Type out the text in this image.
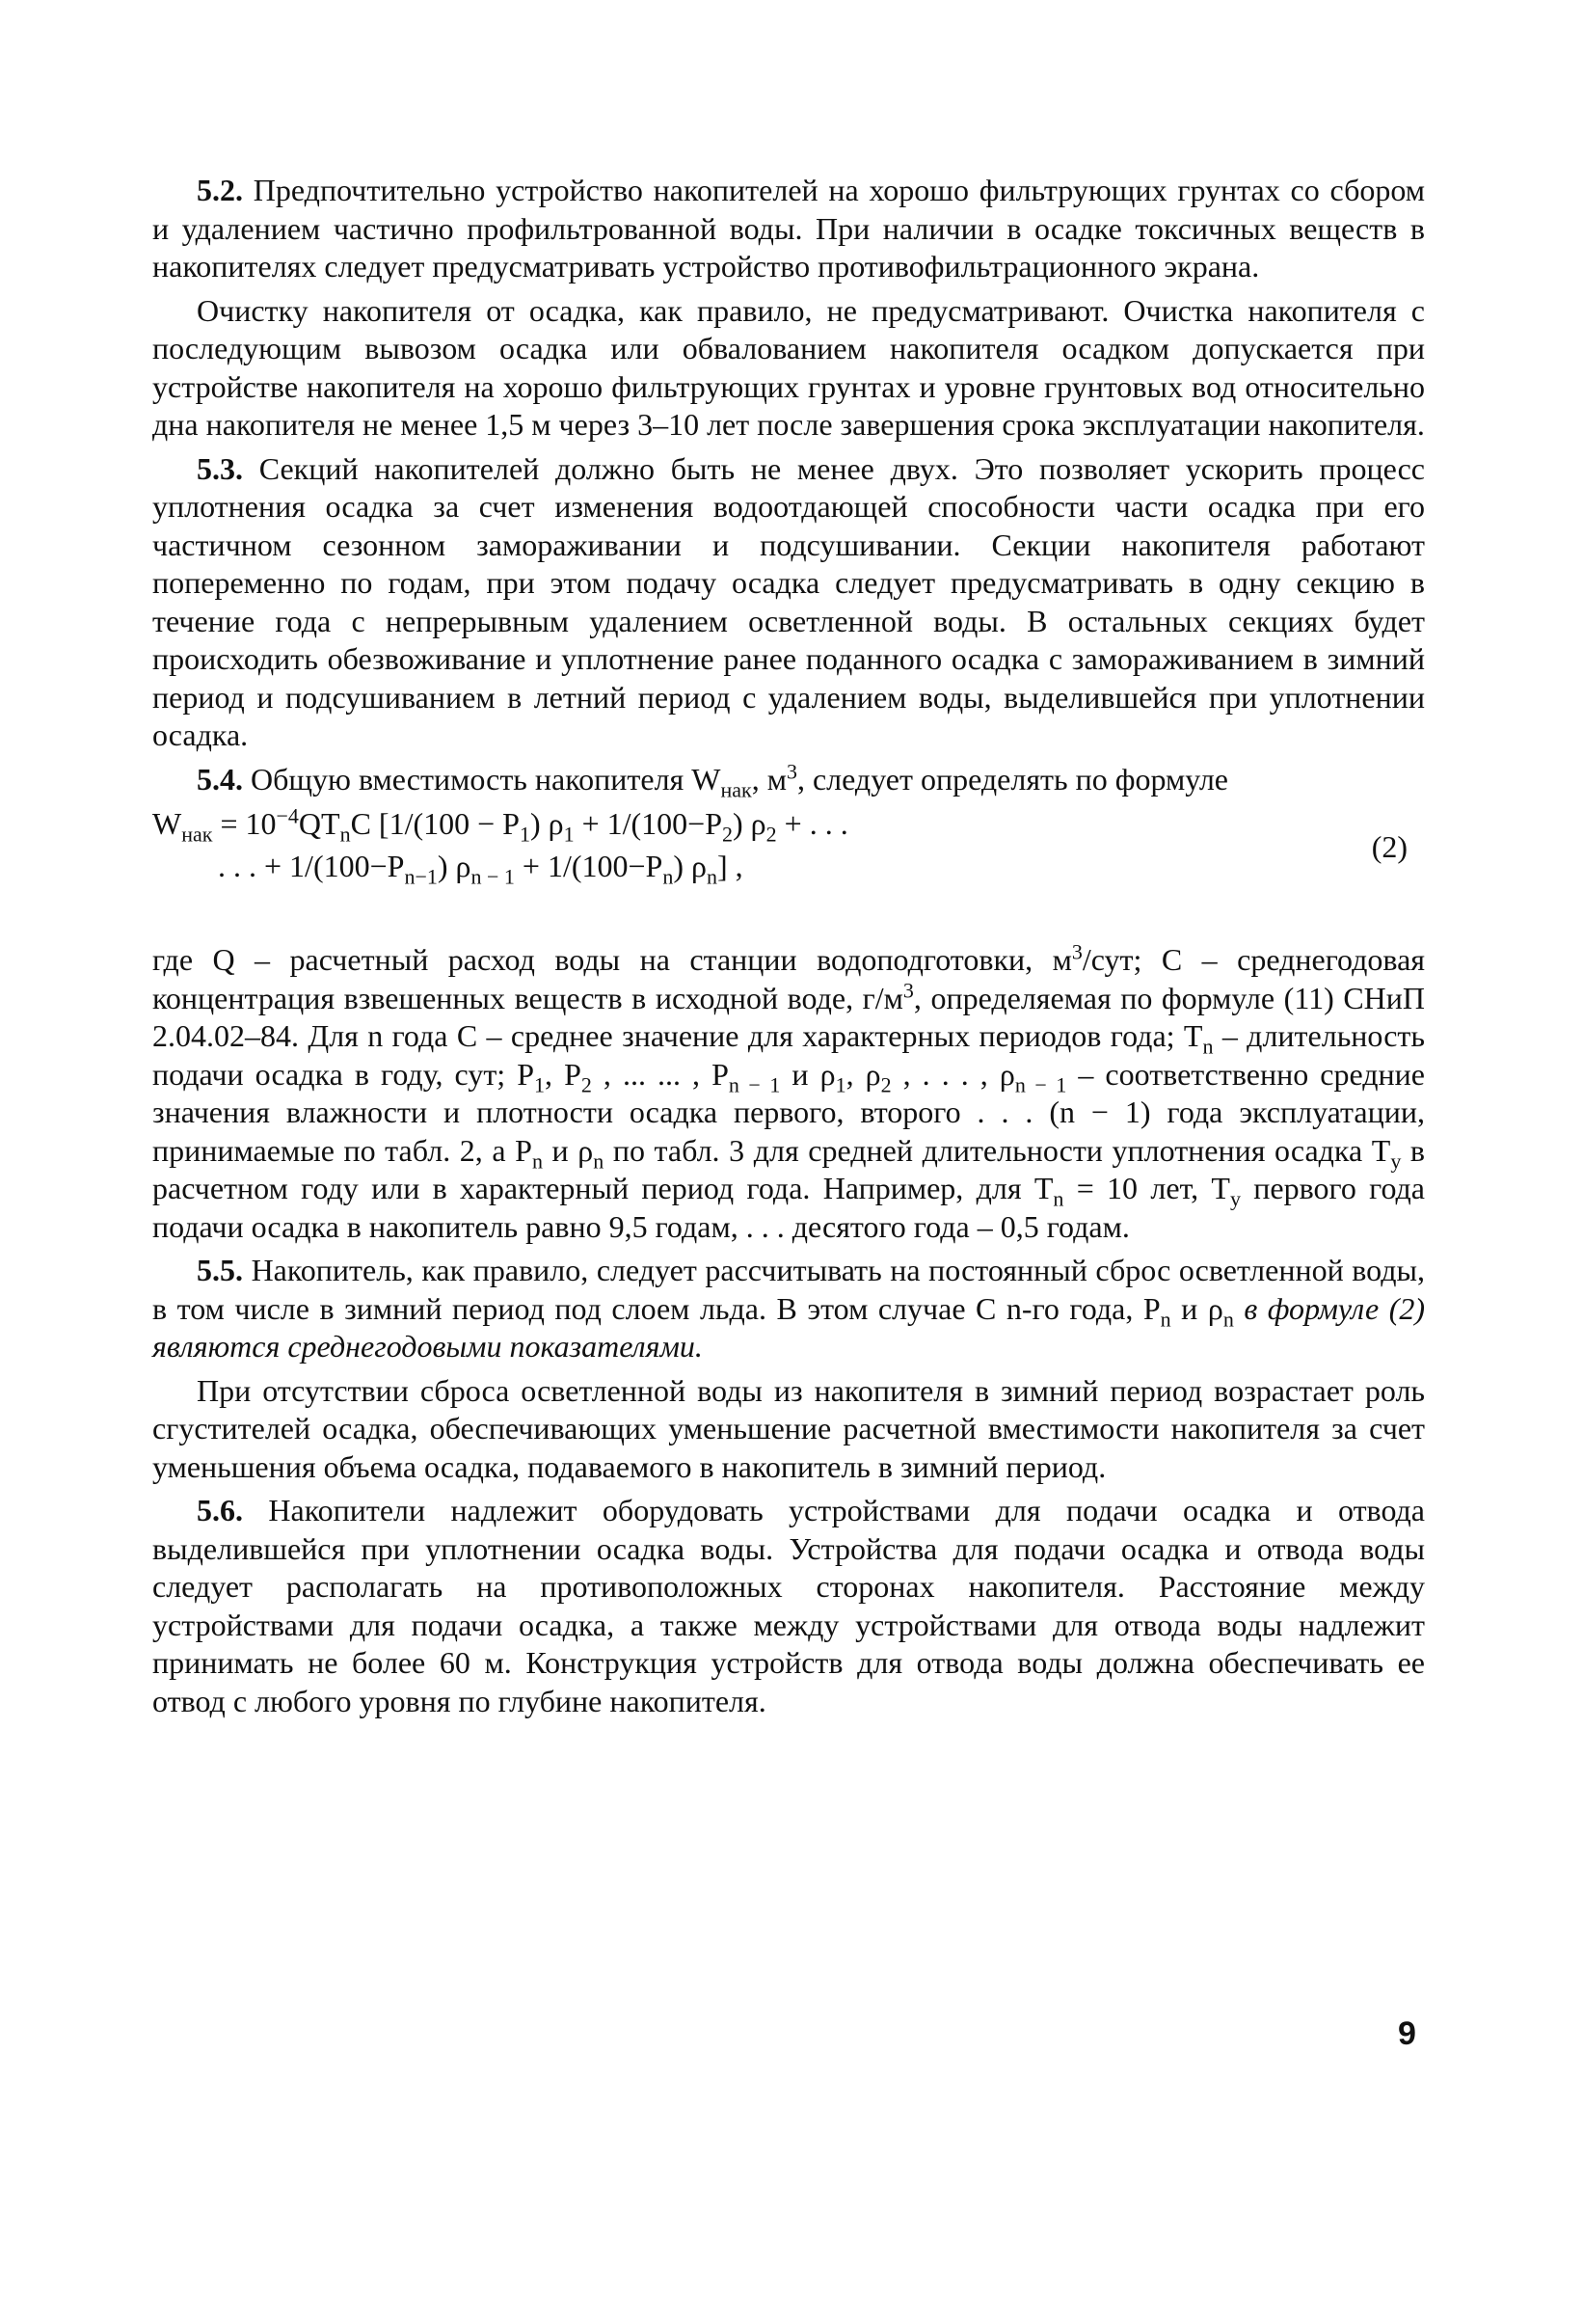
5.2. Предпочтительно устройство накопителей на хорошо фильтрующих грунтах со сбором и удалением частично профильтрованной воды. При наличии в осадке токсичных веществ в накопителях следует предусматривать устройство противофильтрационного экрана.

Очистку накопителя от осадка, как правило, не предусматривают. Очистка накопителя с последующим вывозом осадка или обвалованием накопителя осадком допускается при устройстве накопителя на хорошо фильтрующих грунтах и уровне грунтовых вод относительно дна накопителя не менее 1,5 м через 3–10 лет после завершения срока эксплуатации накопителя.

5.3. Секций накопителей должно быть не менее двух. Это позволяет ускорить процесс уплотнения осадка за счет изменения водоотдающей способности части осадка при его частичном сезонном замораживании и подсушивании. Секции накопителя работают попеременно по годам, при этом подачу осадка следует предусматривать в одну секцию в течение года с непрерывным удалением осветленной воды. В остальных секциях будет происходить обезвоживание и уплотнение ранее поданного осадка с замораживанием в зимний период и подсушиванием в летний период с удалением воды, выделившейся при уплотнении осадка.

5.4. Общую вместимость накопителя $W_{нак}$, $м^3$, следует определять по формуле

$W_{нак} = 10^{-4}QT_nC$ [$1/(100 - P_1)$ $\rho_1 + 1/(100-P_2) \rho_2$ + . . .
. . . + $1/(100-P_{n-1}) \rho_{n - 1} + 1/(100-P_n)$ $\rho_n$] ,
(2)

где Q – расчетный расход воды на станции водоподготовки, $м^3$/сут; C – среднегодовая концентрация взвешенных веществ в исходной воде, $г/м^3$, определяемая по формуле (11) СНиП 2.04.02–84. Для n года C – среднее значение для характерных периодов года; $T_n$ – длительность подачи осадка в году, сут; $P_1$, $P_2$ , ... ... , $P_{n - 1}$ и $\rho_1$, $\rho_2$ , . . . , $\rho_{n - 1}$ – соответственно средние значения влажности и плотности осадка первого, второго . . . (n − 1) года эксплуатации, принимаемые по табл. 2, а $P_n$ и $\rho_n$ по табл. 3 для средней длительности уплотнения осадка $T_y$ в расчетном году или в характерный период года. Например, для $T_n = 10$ лет, $T_y$ первого года подачи осадка в накопитель равно 9,5 годам, . . . десятого года – 0,5 годам.

5.5. Накопитель, как правило, следует рассчитывать на постоянный сброс осветленной воды, в том числе в зимний период под слоем льда. В этом случае C n-го года, $P_n$ и $\rho_n$ в формуле (2) являются среднегодовыми показателями.

При отсутствии сброса осветленной воды из накопителя в зимний период возрастает роль сгустителей осадка, обеспечивающих уменьшение расчетной вместимости накопителя за счет уменьшения объема осадка, подаваемого в накопитель в зимний период.

5.6. Накопители надлежит оборудовать устройствами для подачи осадка и отвода выделившейся при уплотнении осадка воды. Устройства для подачи осадка и отвода воды следует располагать на противоположных сторонах накопителя. Расстояние между устройствами для подачи осадка, а также между устройствами для отвода воды надлежит принимать не более 60 м. Конструкция устройств для отвода воды должна обеспечивать ее отвод с любого уровня по глубине накопителя.

9
